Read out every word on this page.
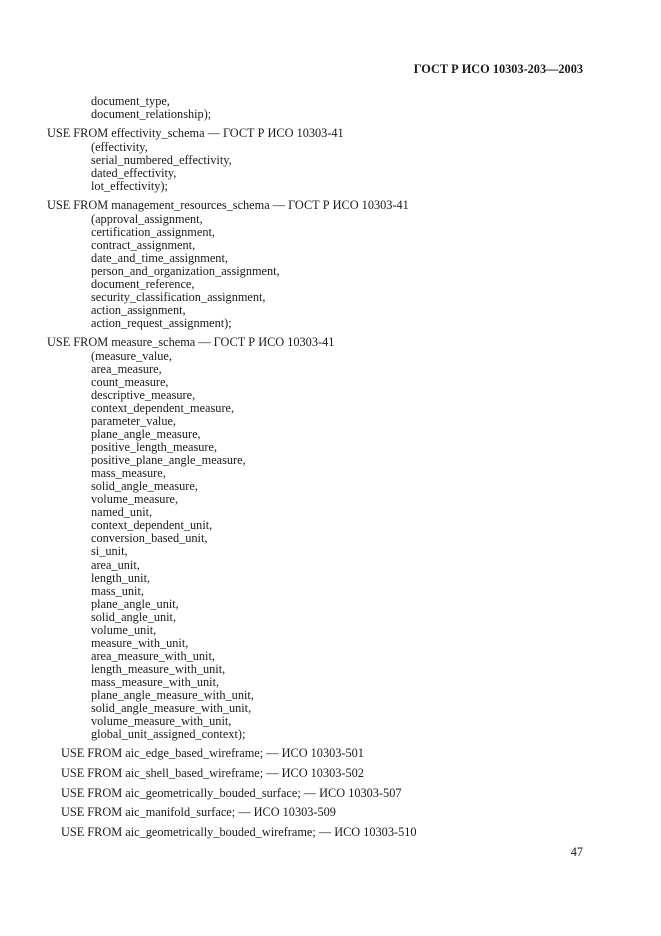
ГОСТ Р ИСО 10303-203—2003
document_type,
document_relationship);
USE FROM effectivity_schema — ГОСТ Р ИСО 10303-41
(effectivity,
serial_numbered_effectivity,
dated_effectivity,
lot_effectivity);
USE FROM management_resources_schema — ГОСТ Р ИСО 10303-41
(approval_assignment,
certification_assignment,
contract_assignment,
date_and_time_assignment,
person_and_organization_assignment,
document_reference,
security_classification_assignment,
action_assignment,
action_request_assignment);
USE FROM measure_schema — ГОСТ Р ИСО 10303-41
(measure_value,
area_measure,
count_measure,
descriptive_measure,
context_dependent_measure,
parameter_value,
plane_angle_measure,
positive_length_measure,
positive_plane_angle_measure,
mass_measure,
solid_angle_measure,
volume_measure,
named_unit,
context_dependent_unit,
conversion_based_unit,
si_unit,
area_unit,
length_unit,
mass_unit,
plane_angle_unit,
solid_angle_unit,
volume_unit,
measure_with_unit,
area_measure_with_unit,
length_measure_with_unit,
mass_measure_with_unit,
plane_angle_measure_with_unit,
solid_angle_measure_with_unit,
volume_measure_with_unit,
global_unit_assigned_context);
USE FROM aic_edge_based_wireframe; — ИСО 10303-501
USE FROM aic_shell_based_wireframe; — ИСО 10303-502
USE FROM aic_geometrically_bouded_surface; — ИСО 10303-507
USE FROM aic_manifold_surface; — ИСО 10303-509
USE FROM aic_geometrically_bouded_wireframe; — ИСО 10303-510
47
